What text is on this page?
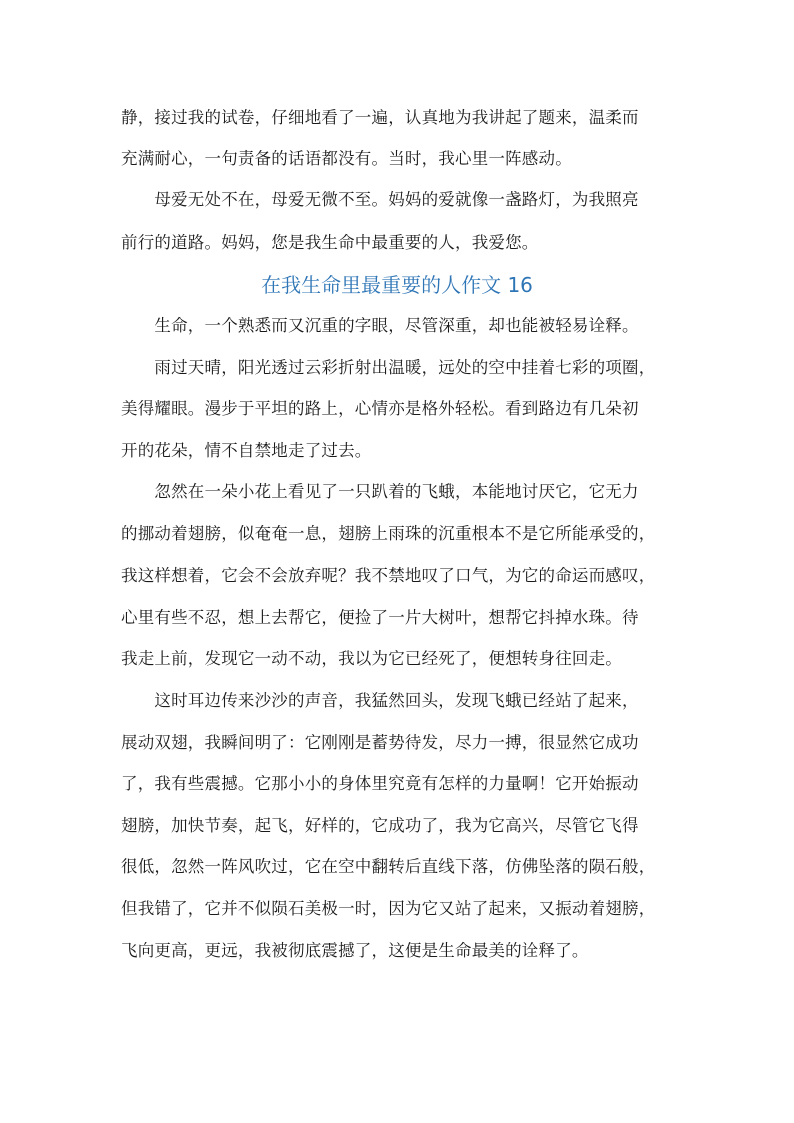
静，接过我的试卷，仔细地看了一遍，认真地为我讲起了题来，温柔而
充满耐心，一句责备的话语都没有。当时，我心里一阵感动。
　　母爱无处不在，母爱无微不至。妈妈的爱就像一盏路灯，为我照亮
前行的道路。妈妈，您是我生命中最重要的人，我爱您。
在我生命里最重要的人作文 16
　　生命，一个熟悉而又沉重的字眼，尽管深重，却也能被轻易诠释。
　　雨过天晴，阳光透过云彩折射出温暖，远处的空中挂着七彩的项圈，
美得耀眼。漫步于平坦的路上，心情亦是格外轻松。看到路边有几朵初
开的花朵，情不自禁地走了过去。
　　忽然在一朵小花上看见了一只趴着的飞蛾，本能地讨厌它，它无力
的挪动着翅膀，似奄奄一息，翅膀上雨珠的沉重根本不是它所能承受的，
我这样想着，它会不会放弃呢？我不禁地叹了口气，为它的命运而感叹，
心里有些不忍，想上去帮它，便捡了一片大树叶，想帮它抖掉水珠。待
我走上前，发现它一动不动，我以为它已经死了，便想转身往回走。
　　这时耳边传来沙沙的声音，我猛然回头，发现飞蛾已经站了起来，
展动双翅，我瞬间明了：它刚刚是蓄势待发，尽力一搏，很显然它成功
了，我有些震撼。它那小小的身体里究竟有怎样的力量啊！它开始振动
翅膀，加快节奏，起飞，好样的，它成功了，我为它高兴，尽管它飞得
很低，忽然一阵风吹过，它在空中翻转后直线下落，仿佛坠落的陨石般，
但我错了，它并不似陨石美极一时，因为它又站了起来，又振动着翅膀，
飞向更高，更远，我被彻底震撼了，这便是生命最美的诠释了。
